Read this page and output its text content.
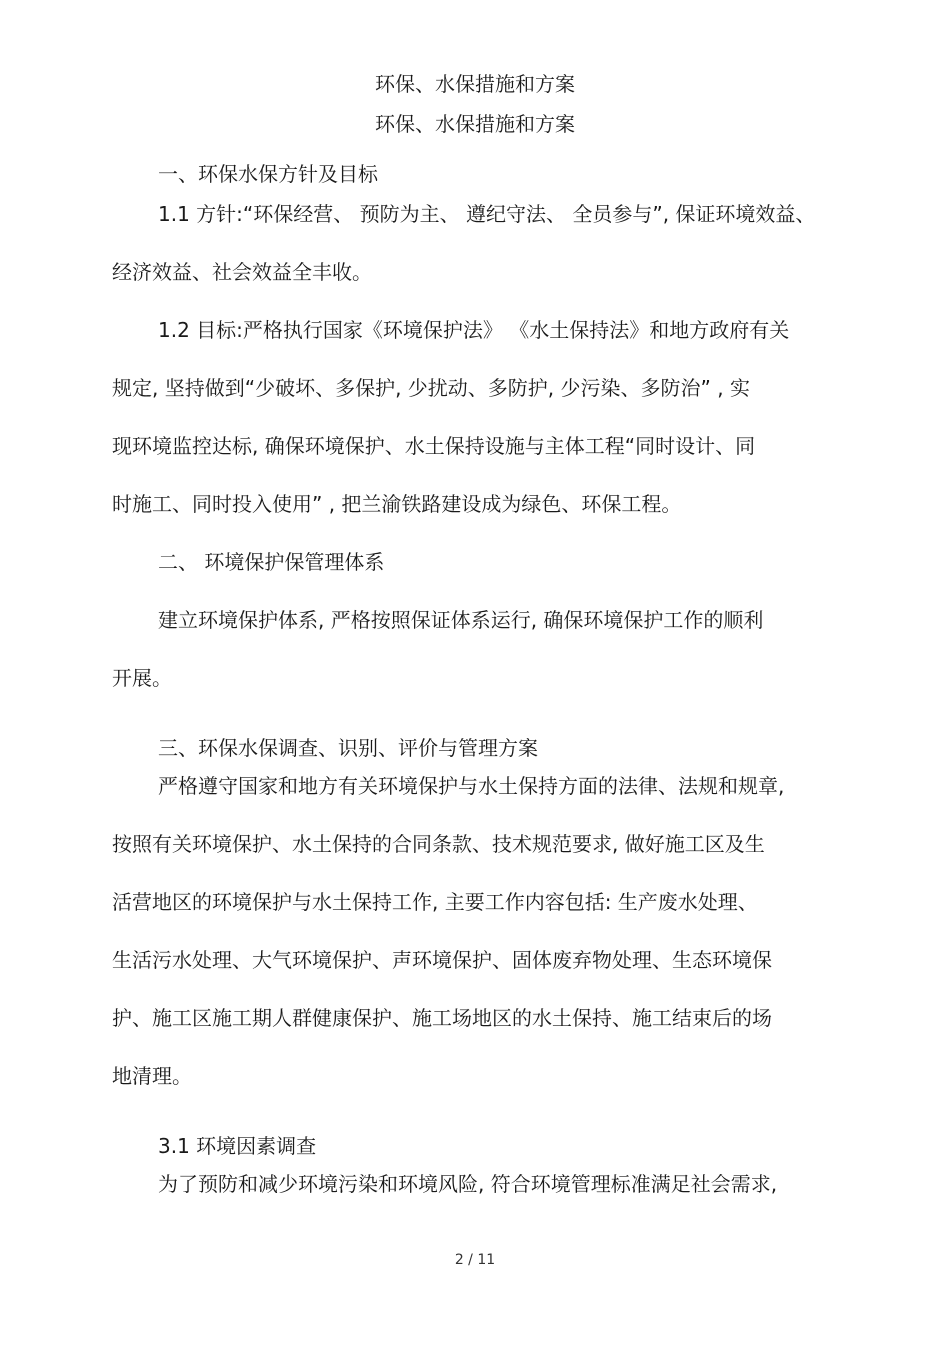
环保、水保措施和方案
环保、水保措施和方案
一、环保水保方针及目标
1.1 方针:“环保经营、 预防为主、 遵纪守法、 全员参与”, 保证环境效益、
经济效益、社会效益全丰收。
1.2 目标:严格执行国家《环境保护法》 《水土保持法》和地方政府有关
规定, 坚持做到“少破坏、多保护, 少扰动、多防护, 少污染、多防治” , 实
现环境监控达标, 确保环境保护、水土保持设施与主体工程“同时设计、同
时施工、同时投入使用” , 把兰渝铁路建设成为绿色、环保工程。
二、 环境保护保管理体系
建立环境保护体系, 严格按照保证体系运行, 确保环境保护工作的顺利
开展。
三、环保水保调查、识别、评价与管理方案
严格遵守国家和地方有关环境保护与水土保持方面的法律、法规和规章,
按照有关环境保护、水土保持的合同条款、技术规范要求, 做好施工区及生
活营地区的环境保护与水土保持工作, 主要工作内容包括: 生产废水处理、
生活污水处理、大气环境保护、声环境保护、固体废弃物处理、生态环境保
护、施工区施工期人群健康保护、施工场地区的水土保持、施工结束后的场
地清理。
3.1 环境因素调查
为了预防和减少环境污染和环境风险, 符合环境管理标准满足社会需求,
2 / 11
